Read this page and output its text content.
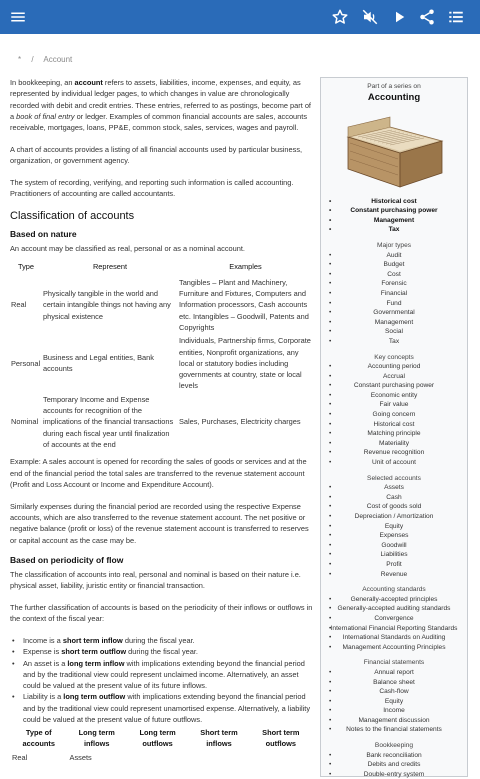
* / Account

In bookkeeping, an account refers to assets, liabilities, income, expenses, and equity, as represented by individual ledger pages, to which changes in value are chronologically recorded with debit and credit entries. These entries, referred to as postings, become part of a book of final entry or ledger. Examples of common financial accounts are sales, accounts receivable, mortgages, loans, PP&E, common stock, sales, services, wages and payroll.

A chart of accounts provides a listing of all financial accounts used by particular business, organization, or government agency.

The system of recording, verifying, and reporting such information is called accounting. Practitioners of accounting are called accountants.

Classification of accounts
Based on nature

An account may be classified as real, personal or as a nominal account.

Type	Represent	Examples
Real	Physically tangible in the world and certain intangible things not having any physical existence	Tangibles – Plant and Machinery, Furniture and Fixtures, Computers and Information processors, Cash accounts etc. Intangibles – Goodwill, Patents and Copyrights
Personal	Business and Legal entities, Bank accounts	Individuals, Partnership firms, Corporate entities, Nonprofit organizations, any local or statutory bodies including governments at country, state or local levels
Nominal	Temporary Income and Expense accounts for recognition of the implications of the financial transactions during each fiscal year until finalization of accounts at the end	Sales, Purchases, Electricity charges

Example: A sales account is opened for recording the sales of goods or services and at the end of the financial period the total sales are transferred to the revenue statement account (Profit and Loss Account or Income and Expenditure Account).

Similarly expenses during the financial period are recorded using the respective Expense accounts, which are also transferred to the revenue statement account. The net positive or negative balance (profit or loss) of the revenue statement account is transferred to reserves or capital account as the case may be.

Based on periodicity of flow

The classification of accounts into real, personal and nominal is based on their nature i.e. physical asset, liability, juristic entity or financial transaction.

The further classification of accounts is based on the periodicity of their inflows or outflows in the context of the fiscal year:

• Income is a short term inflow during the fiscal year.
• Expense is short term outflow during the fiscal year.
• An asset is a long term inflow with implications extending beyond the financial period and by the traditional view could represent unclaimed income. Alternatively, an asset could be valued at the present value of its future inflows.
• Liability is a long term outflow with implications extending beyond the financial period and by the traditional view could represent unamortised expense. Alternatively, a liability could be valued at the present value of future outflows.
Type of accounts	Long term inflows	Long term outflows	Short term inflows	Short term outflows
Real	Assets			
Part of a series on
Accounting
• Historical cost
• Constant purchasing power
• Management
• Tax
Major types
• Audit
• Budget
• Cost
• Forensic
• Financial
• Fund
• Governmental
• Management
• Social
• Tax
Key concepts
• Accounting period
• Accrual
• Constant purchasing power
• Economic entity
• Fair value
• Going concern
• Historical cost
• Matching principle
• Materiality
• Revenue recognition
• Unit of account
Selected accounts
• Assets
• Cash
• Cost of goods sold
• Depreciation / Amortization
• Equity
• Expenses
• Goodwill
• Liabilities
• Profit
• Revenue
Accounting standards
• Generally-accepted principles
• Generally-accepted auditing standards
• Convergence
• International Financial Reporting Standards
• International Standards on Auditing
• Management Accounting Principles
Financial statements
• Annual report
• Balance sheet
• Cash-flow
• Equity
• Income
• Management discussion
• Notes to the financial statements
Bookkeeping
• Bank reconciliation
• Debits and credits
• Double-entry system
